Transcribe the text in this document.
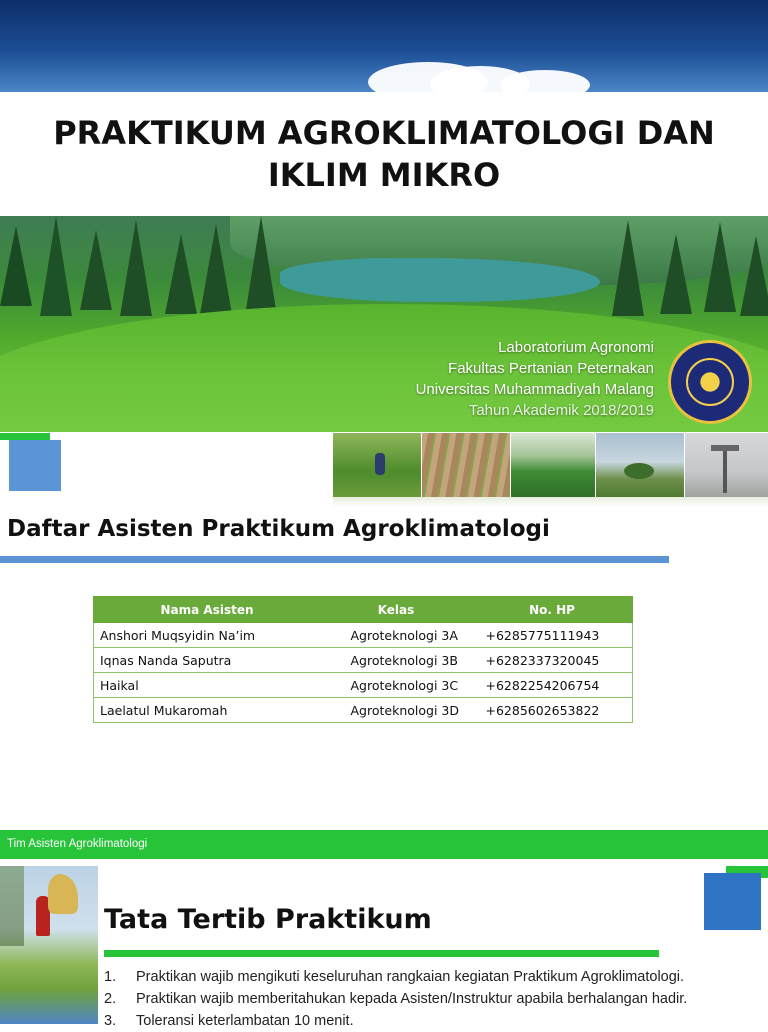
PRAKTIKUM AGROKLIMATOLOGI DAN
IKLIM MIKRO
Laboratorium Agronomi
Fakultas Pertanian Peternakan
Universitas Muhammadiyah Malang
Tahun Akademik 2018/2019
Daftar Asisten Praktikum Agroklimatologi
Nama Asisten	Kelas	No. HP
Anshori Muqsyidin Na’im	Agroteknologi 3A	+6285775111943
Iqnas Nanda Saputra	Agroteknologi 3B	+6282337320045
Haikal	Agroteknologi 3C	+6282254206754
Laelatul Mukaromah	Agroteknologi 3D	+6285602653822
Tim Asisten Agroklimatologi
Tata Tertib Praktikum
1.	Praktikan wajib mengikuti keseluruhan rangkaian kegiatan Praktikum Agroklimatologi.
2.	Praktikan wajib memberitahukan kepada Asisten/Instruktur apabila berhalangan hadir.
3.	Toleransi keterlambatan 10 menit.
